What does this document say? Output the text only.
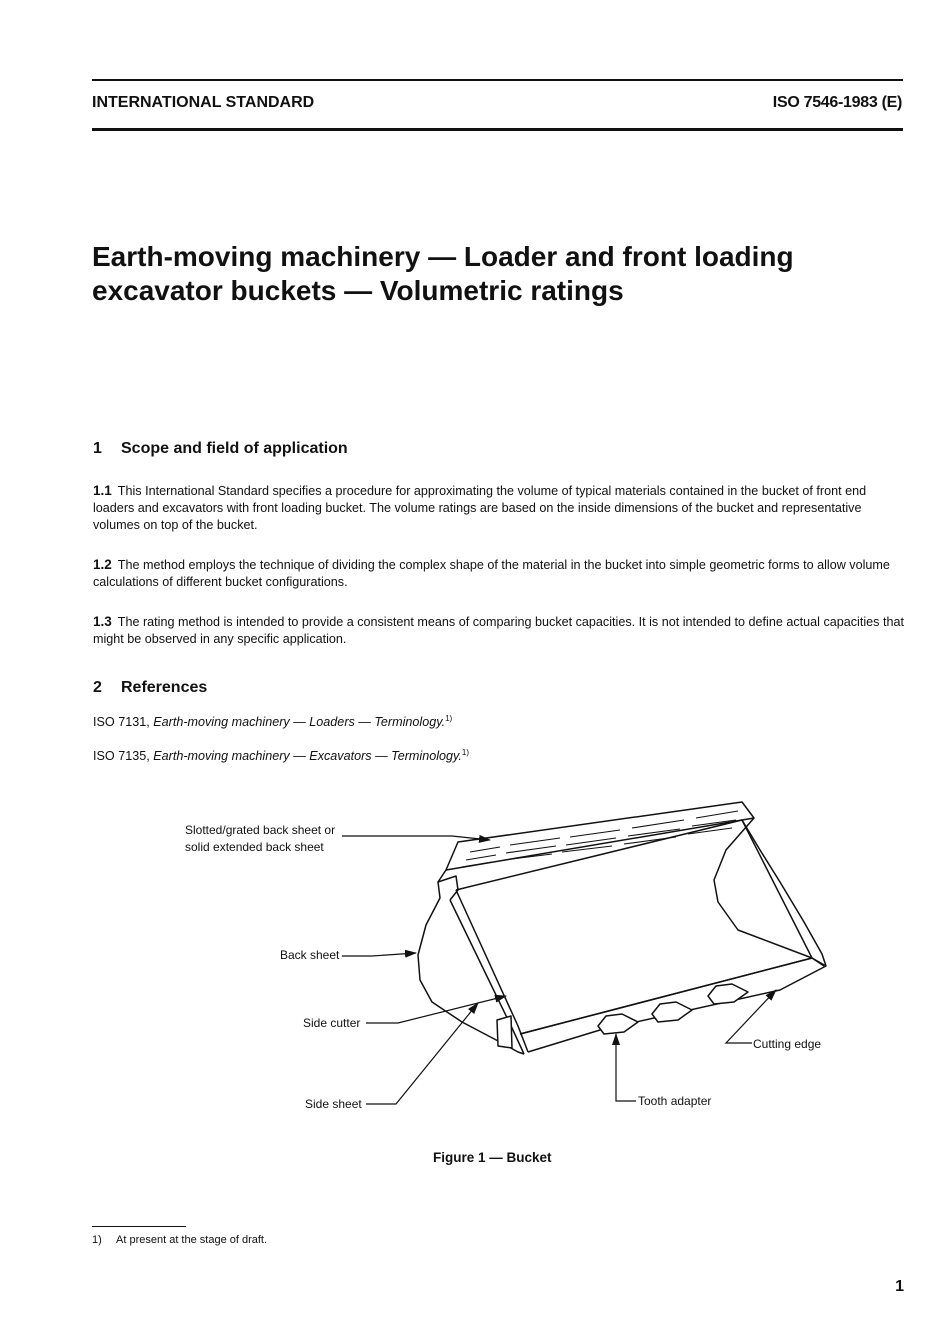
INTERNATIONAL STANDARD	ISO 7546-1983 (E)
Earth-moving machinery — Loader and front loading
excavator buckets — Volumetric ratings
1 Scope and field of application
1.1 This International Standard specifies a procedure for approximating the volume of typical materials contained in the bucket of front end loaders and excavators with front loading bucket. The volume ratings are based on the inside dimensions of the bucket and representative volumes on top of the bucket.
1.2 The method employs the technique of dividing the complex shape of the material in the bucket into simple geometric forms to allow volume calculations of different bucket configurations.
1.3 The rating method is intended to provide a consistent means of comparing bucket capacities. It is not intended to define actual capacities that might be observed in any specific application.
2 References
ISO 7131, Earth-moving machinery — Loaders — Terminology.$^{1)}$
ISO 7135, Earth-moving machinery — Excavators — Terminology.$^{1)}$
Slotted/grated back sheet or
solid extended back sheet
Back sheet
Side cutter
Side sheet
Cutting edge
Tooth adapter
Figure 1 — Bucket
1) At present at the stage of draft.
1
